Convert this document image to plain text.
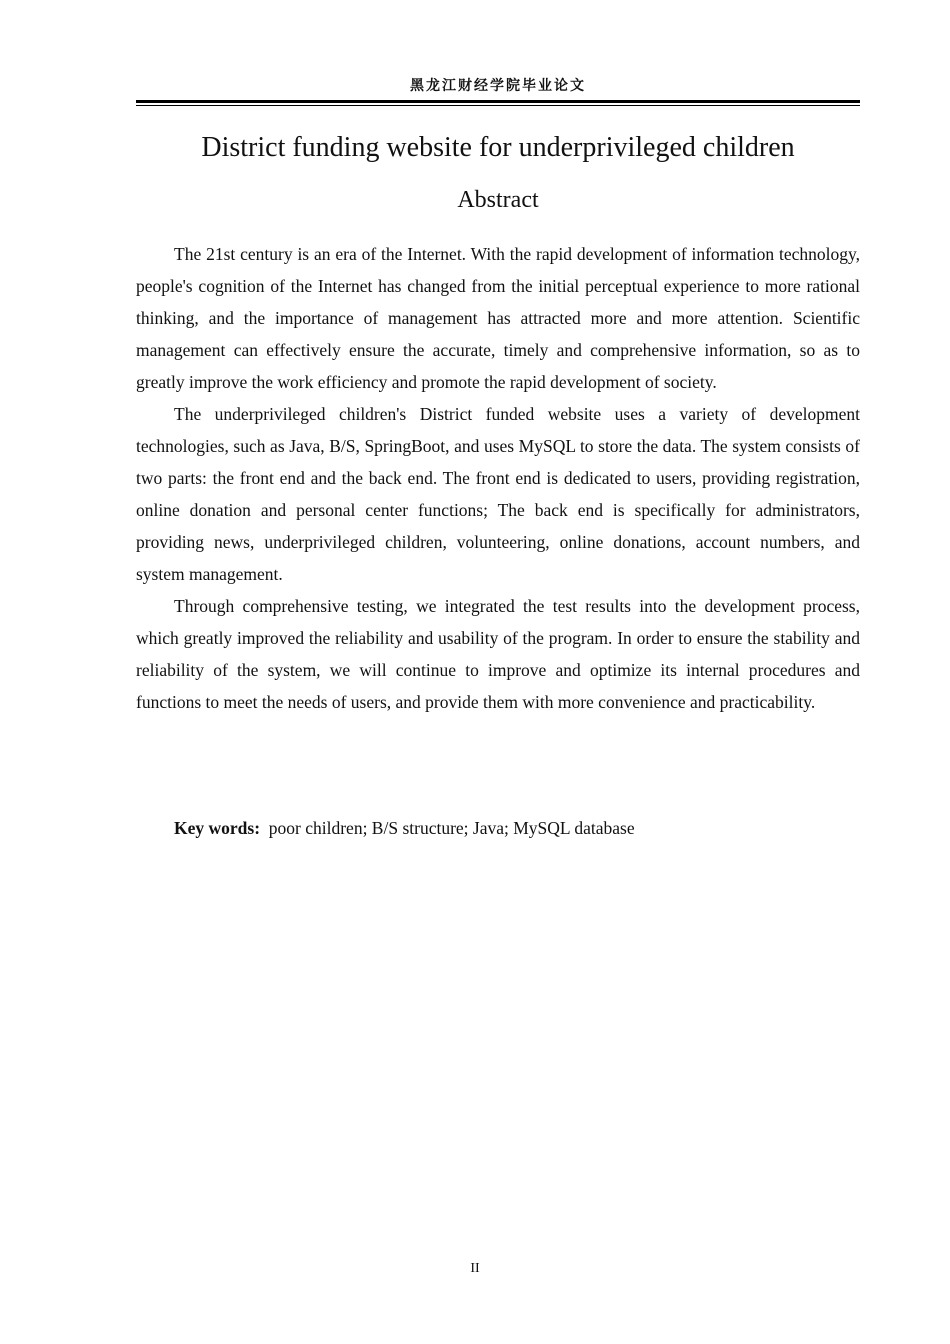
黑龙江财经学院毕业论文
District funding website for underprivileged children
Abstract

The 21st century is an era of the Internet. With the rapid development of information technology, people's cognition of the Internet has changed from the initial perceptual experience to more rational thinking, and the importance of management has attracted more and more attention. Scientific management can effectively ensure the accurate, timely and comprehensive information, so as to greatly improve the work efficiency and promote the rapid development of society.

The underprivileged children's District funded website uses a variety of development technologies, such as Java, B/S, SpringBoot, and uses MySQL to store the data. The system consists of two parts: the front end and the back end. The front end is dedicated to users, providing registration, online donation and personal center functions; The back end is specifically for administrators, providing news, underprivileged children, volunteering, online donations, account numbers, and system management.

Through comprehensive testing, we integrated the test results into the development process, which greatly improved the reliability and usability of the program. In order to ensure the stability and reliability of the system, we will continue to improve and optimize its internal procedures and functions to meet the needs of users, and provide them with more convenience and practicability.

Key words: poor children; B/S structure; Java; MySQL database
II
